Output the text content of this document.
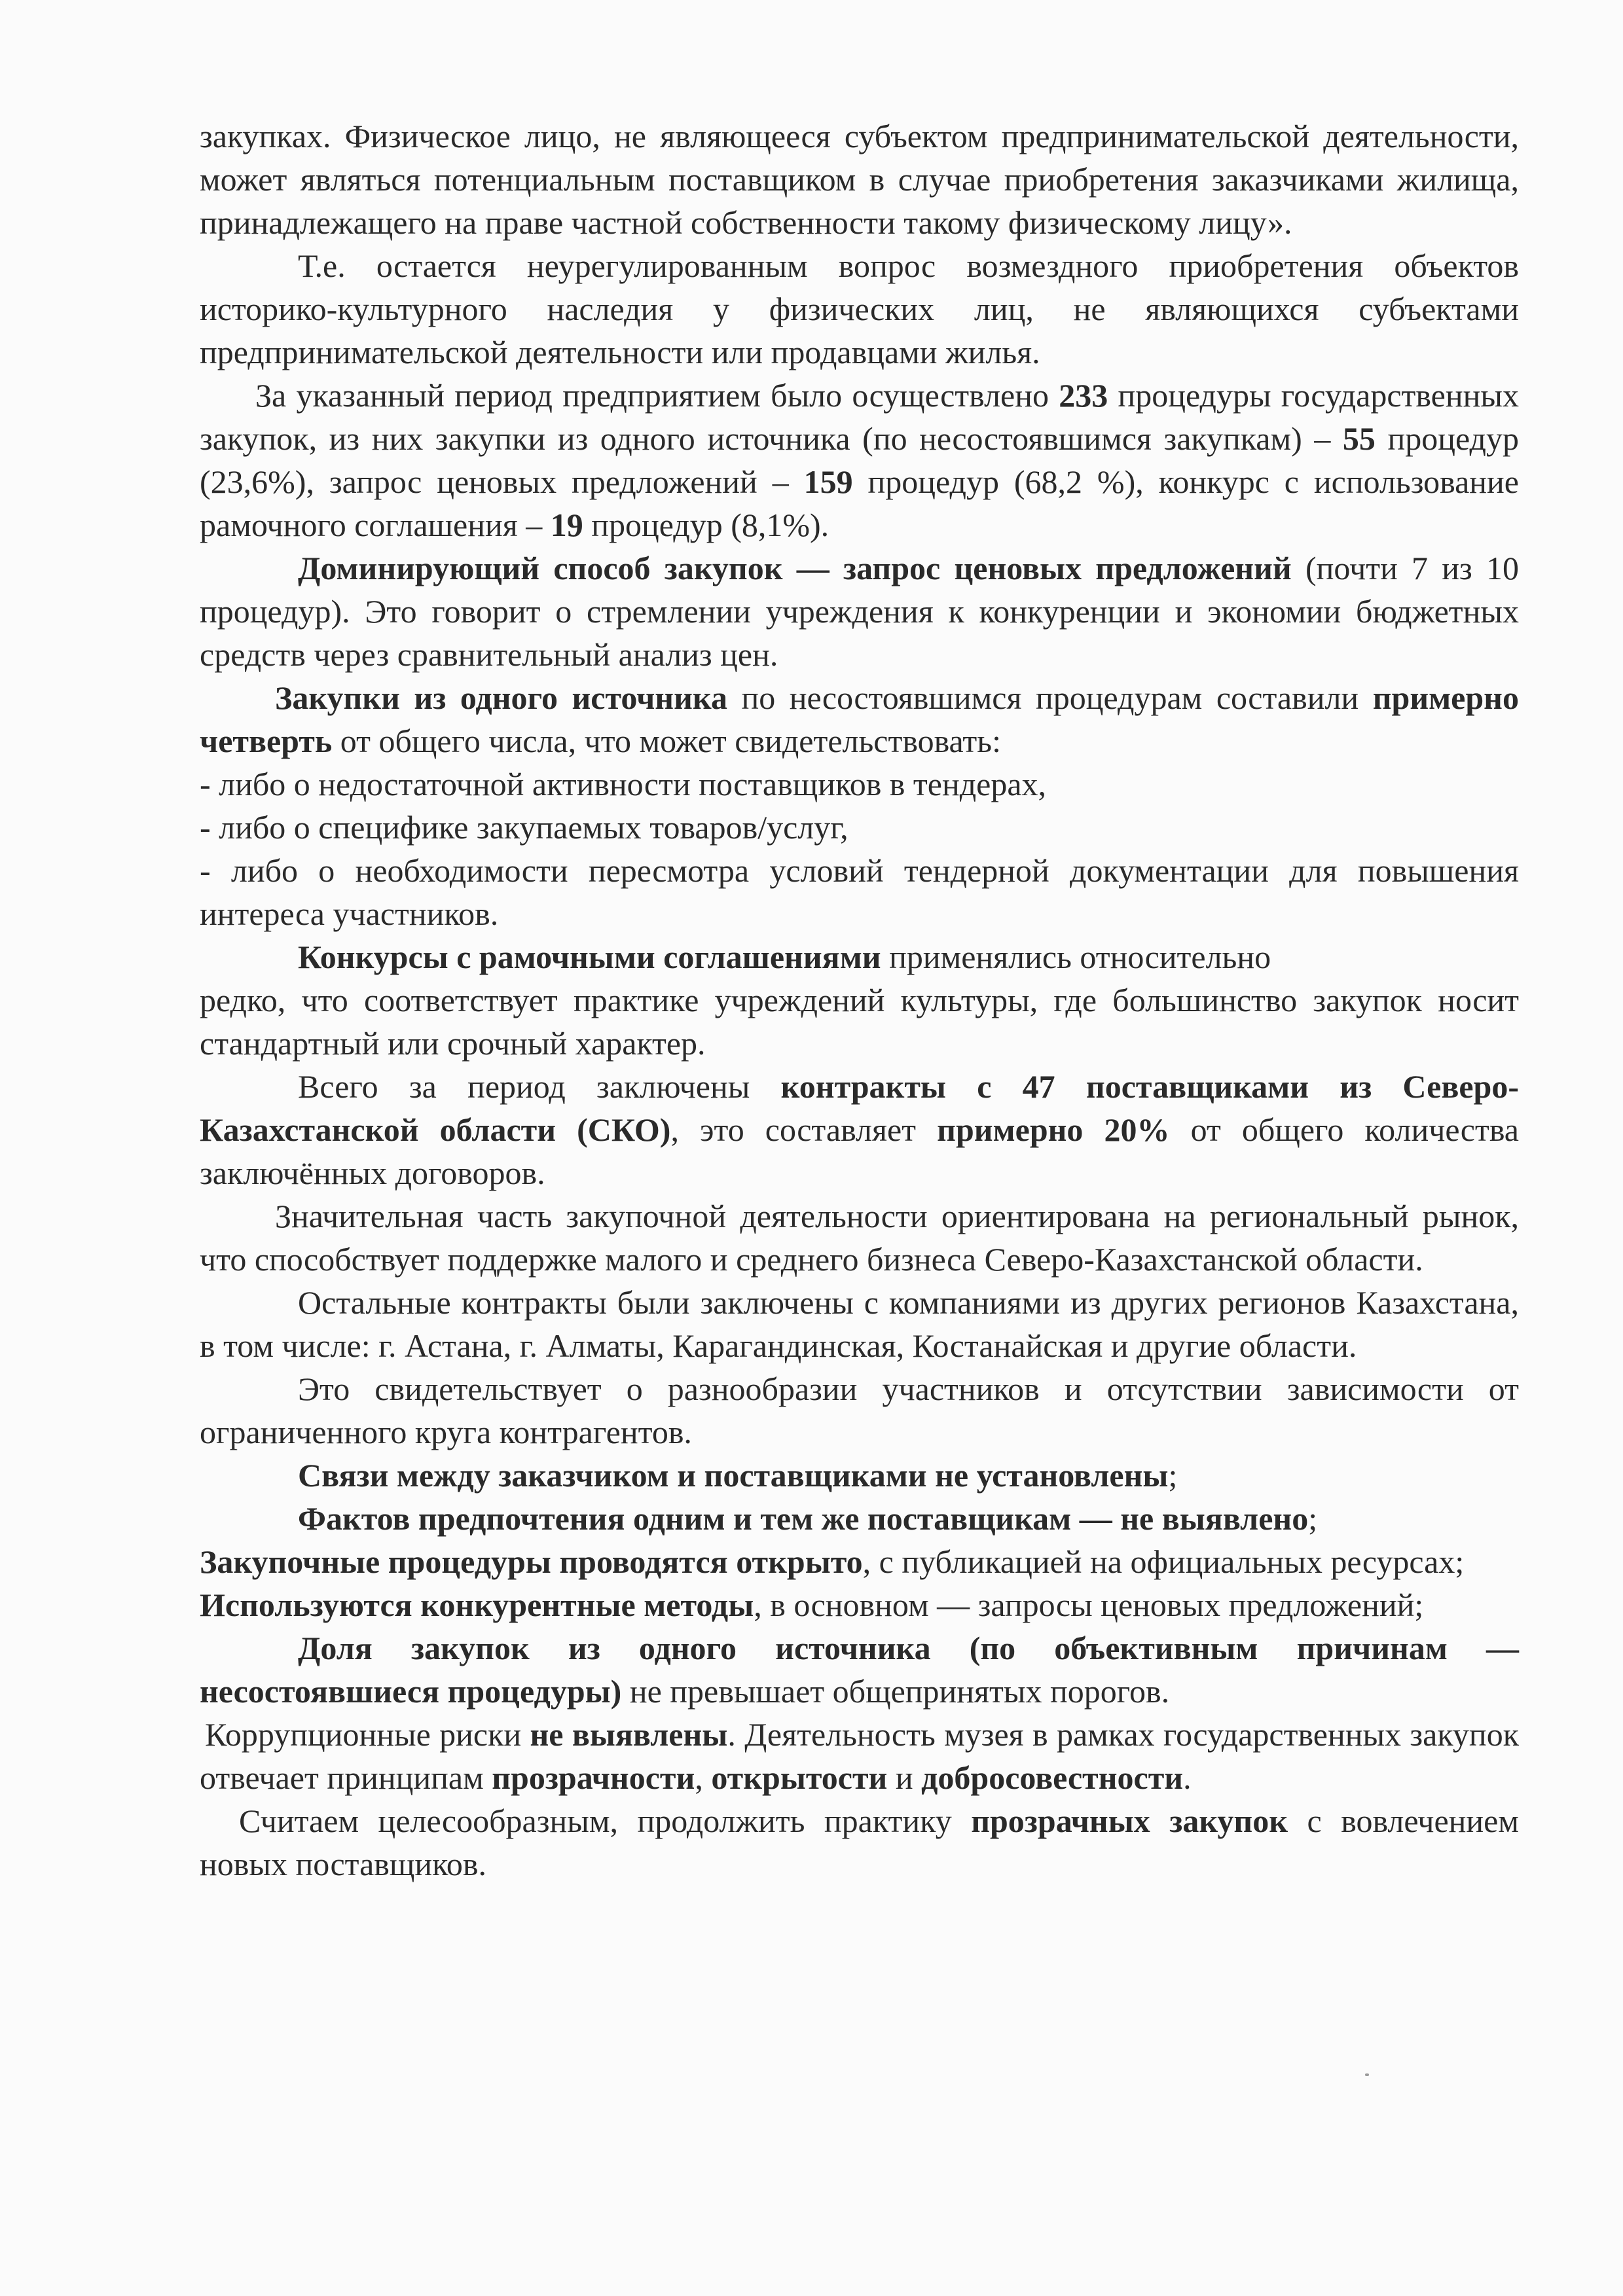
закупках. Физическое лицо, не являющееся субъектом предпринимательской деятельности, может являться потенциальным поставщиком в случае приобретения заказчиками жилища, принадлежащего на праве частной собственности такому физическому лицу».

Т.е. остается неурегулированным вопрос возмездного приобретения объектов историко-культурного наследия у физических лиц, не являющихся субъектами предпринимательской деятельности или продавцами жилья.

За указанный период предприятием было осуществлено 233 процедуры государственных закупок, из них закупки из одного источника (по несостоявшимся закупкам) – 55 процедур (23,6%), запрос ценовых предложений – 159 процедур (68,2 %), конкурс с использование рамочного соглашения – 19 процедур (8,1%).

Доминирующий способ закупок — запрос ценовых предложений (почти 7 из 10 процедур). Это говорит о стремлении учреждения к конкуренции и экономии бюджетных средств через сравнительный анализ цен.

Закупки из одного источника по несостоявшимся процедурам составили примерно четверть от общего числа, что может свидетельствовать:

- либо о недостаточной активности поставщиков в тендерах,

- либо о специфике закупаемых товаров/услуг,

- либо о необходимости пересмотра условий тендерной документации для повышения интереса участников.

Конкурсы с рамочными соглашениями применялись относительно

редко, что соответствует практике учреждений культуры, где большинство закупок носит стандартный или срочный характер.

Всего за период заключены контракты с 47 поставщиками из Северо-Казахстанской области (СКО), это составляет примерно 20% от общего количества заключённых договоров.

Значительная часть закупочной деятельности ориентирована на региональный рынок, что способствует поддержке малого и среднего бизнеса Северо-Казахстанской области.

Остальные контракты были заключены с компаниями из других регионов Казахстана, в том числе: г. Астана, г. Алматы, Карагандинская, Костанайская и другие области.

Это свидетельствует о разнообразии участников и отсутствии зависимости от ограниченного круга контрагентов.

Связи между заказчиком и поставщиками не установлены;

Фактов предпочтения одним и тем же поставщикам — не выявлено;

Закупочные процедуры проводятся открыто, с публикацией на официальных ресурсах;

Используются конкурентные методы, в основном — запросы ценовых предложений;

Доля закупок из одного источника (по объективным причинам — несостоявшиеся процедуры) не превышает общепринятых порогов.

Коррупционные риски не выявлены. Деятельность музея в рамках государственных закупок отвечает принципам прозрачности, открытости и добросовестности.

Считаем целесообразным, продолжить практику прозрачных закупок с вовлечением новых поставщиков.
